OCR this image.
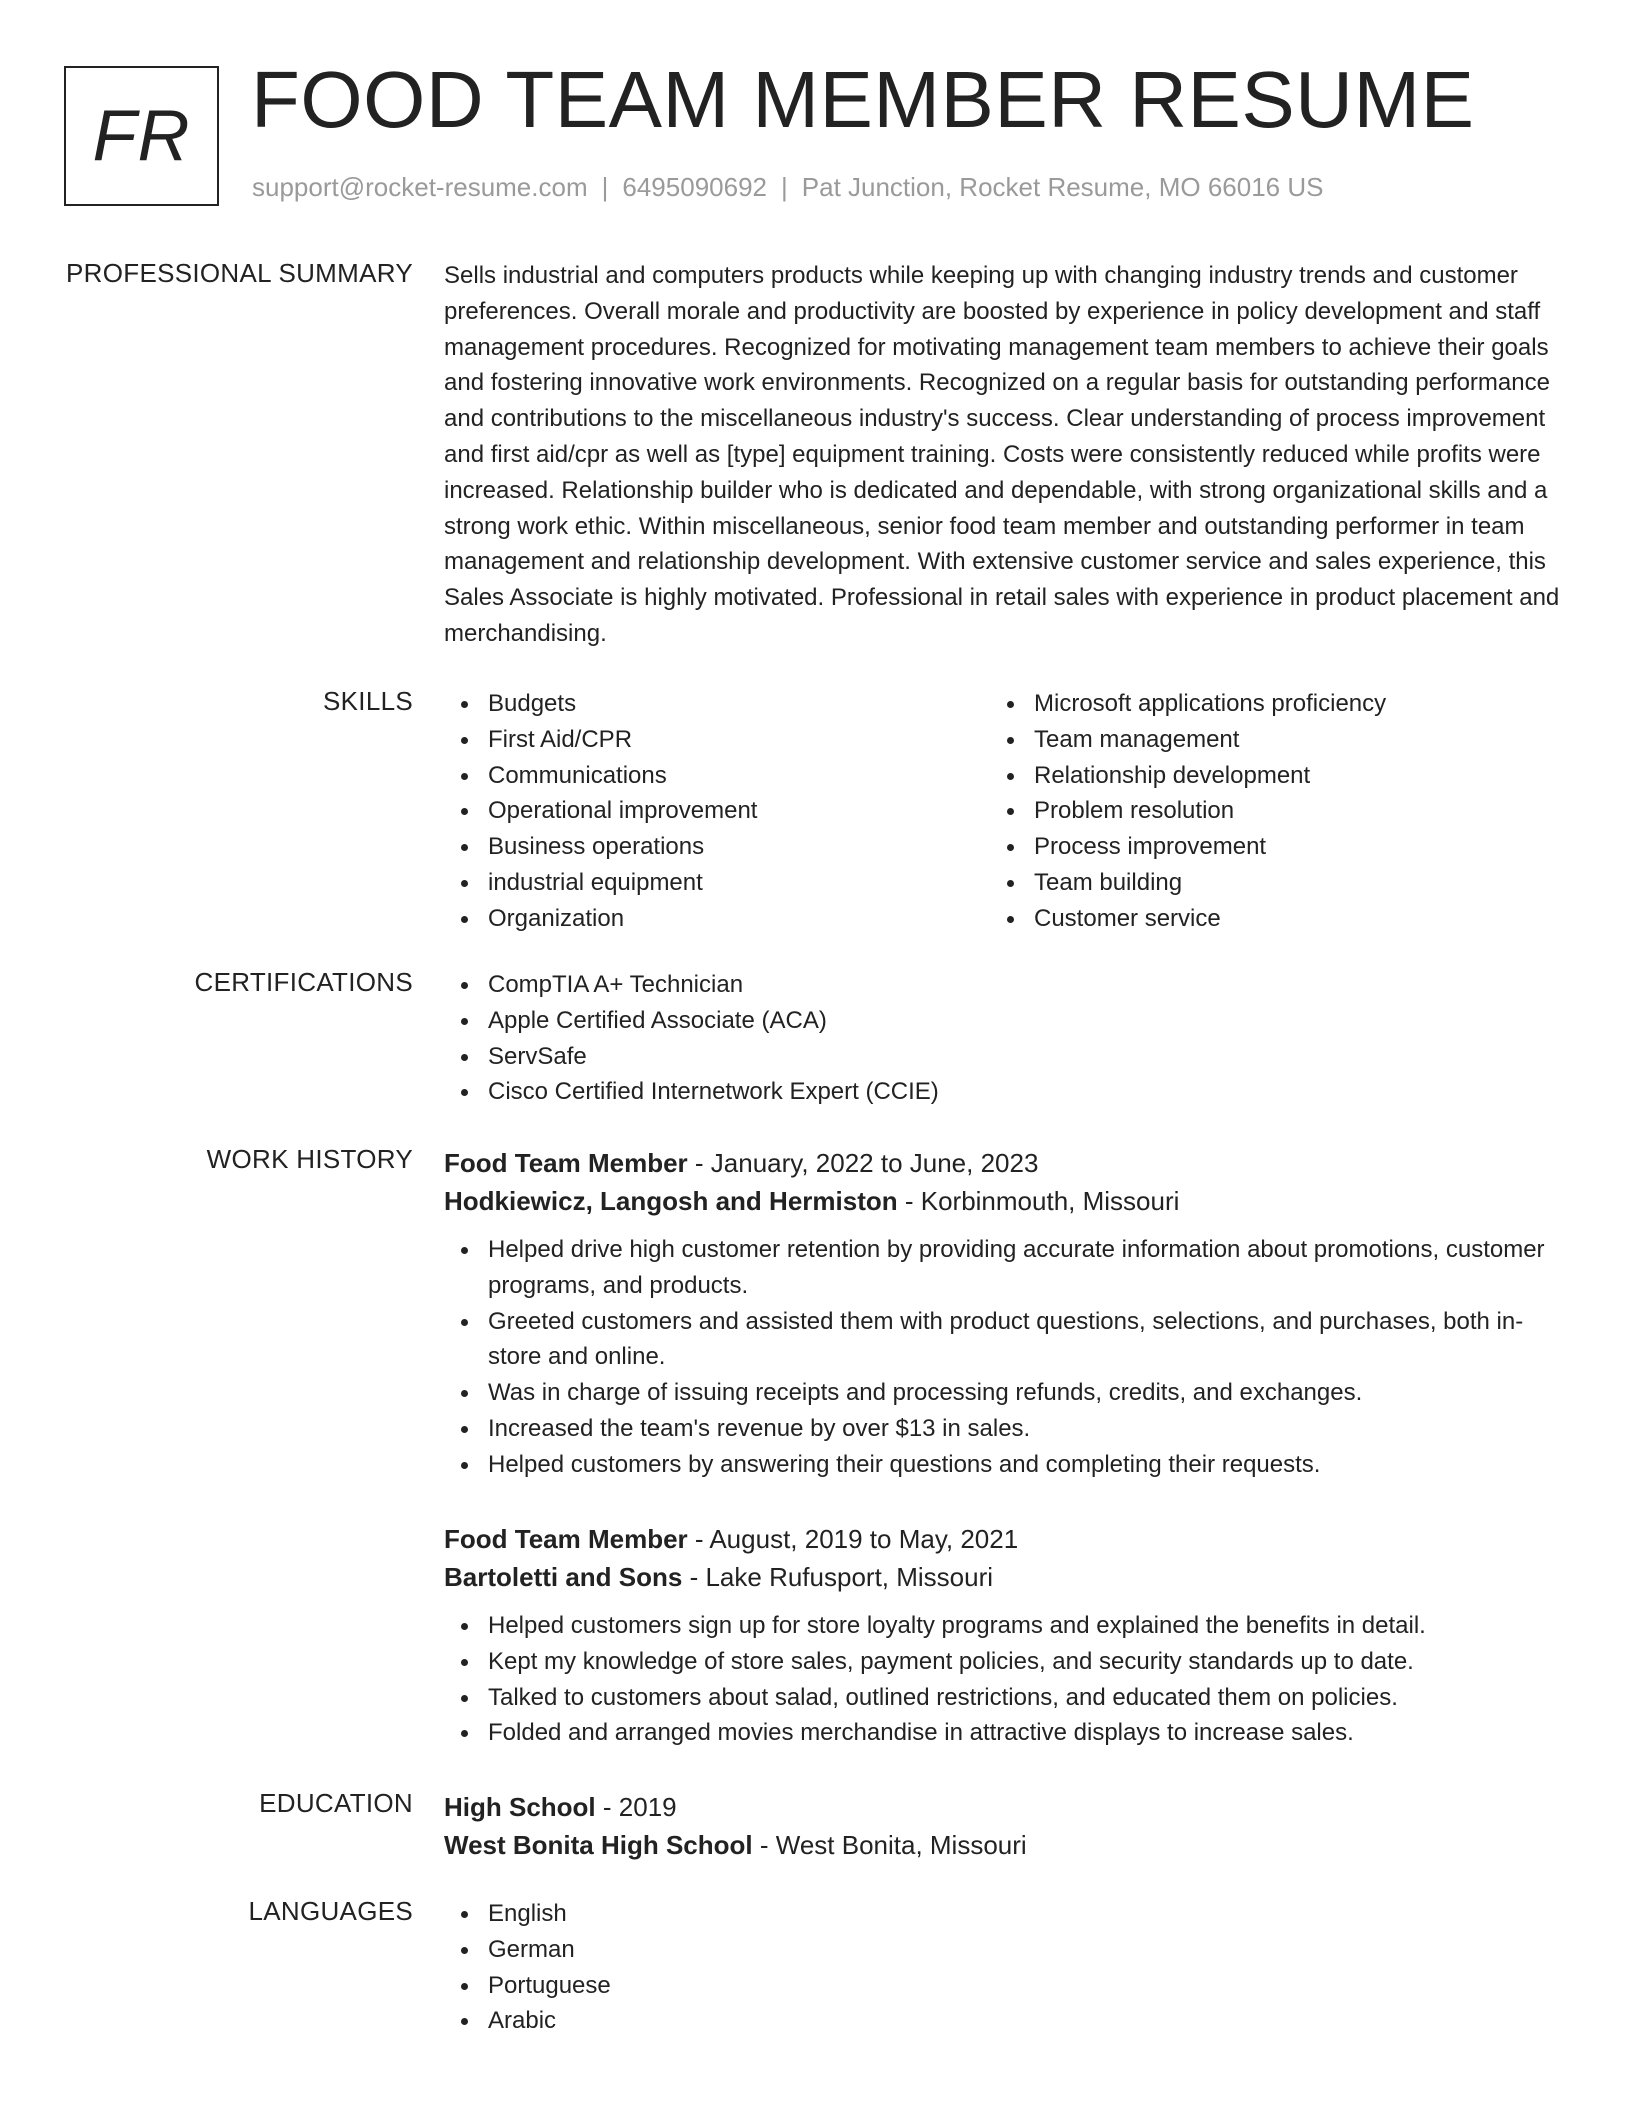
FR FOOD TEAM MEMBER RESUME
support@rocket-resume.com | 6495090692 | Pat Junction, Rocket Resume, MO 66016 US
PROFESSIONAL SUMMARY Sells industrial and computers products while keeping up with changing industry trends and customer preferences. Overall morale and productivity are boosted by experience in policy development and staff management procedures. Recognized for motivating management team members to achieve their goals and fostering innovative work environments. Recognized on a regular basis for outstanding performance and contributions to the miscellaneous industry's success. Clear understanding of process improvement and first aid/cpr as well as [type] equipment training. Costs were consistently reduced while profits were increased. Relationship builder who is dedicated and dependable, with strong organizational skills and a strong work ethic. Within miscellaneous, senior food team member and outstanding performer in team management and relationship development. With extensive customer service and sales experience, this Sales Associate is highly motivated. Professional in retail sales with experience in product placement and merchandising.
SKILLS	Budgets
First Aid/CPR
Communications
Operational improvement
Business operations
industrial equipment
Organization
Microsoft applications proficiency
Team management
Relationship development
Problem resolution
Process improvement
Team building
Customer service
CERTIFICATIONS	CompTIA A+ Technician
Apple Certified Associate (ACA)
ServSafe
Cisco Certified Internetwork Expert (CCIE)
WORK HISTORY Food Team Member - January, 2022 to June, 2023
Hodkiewicz, Langosh and Hermiston - Korbinmouth, Missouri
Helped drive high customer retention by providing accurate information about promotions, customer programs, and products.
Greeted customers and assisted them with product questions, selections, and purchases, both in-store and online.
Was in charge of issuing receipts and processing refunds, credits, and exchanges.
Increased the team's revenue by over $13 in sales.
Helped customers by answering their questions and completing their requests.
Food Team Member - August, 2019 to May, 2021
Bartoletti and Sons - Lake Rufusport, Missouri
Helped customers sign up for store loyalty programs and explained the benefits in detail.
Kept my knowledge of store sales, payment policies, and security standards up to date.
Talked to customers about salad, outlined restrictions, and educated them on policies.
Folded and arranged movies merchandise in attractive displays to increase sales.
EDUCATION High School - 2019
West Bonita High School - West Bonita, Missouri
LANGUAGES	English
German
Portuguese
Arabic
